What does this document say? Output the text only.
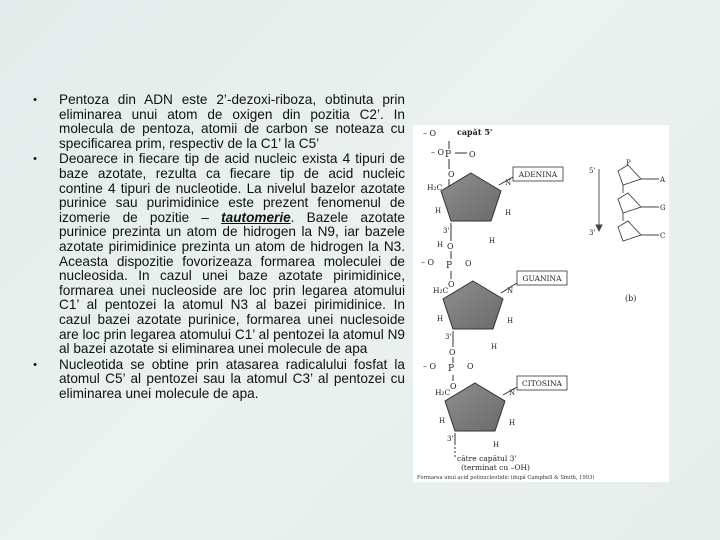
• Pentoza din ADN este 2’-dezoxi-riboza, obtinuta prin eliminarea unui atom de oxigen din pozitia C2’. In molecula de pentoza, atomii de carbon se noteaza cu specificarea prim, respectiv de la C1’ la C5’
• Deoarece in fiecare tip de acid nucleic exista 4 tipuri de baze azotate, rezulta ca fiecare tip de acid nucleic contine 4 tipuri de nucleotide. La nivelul bazelor azotate purinice sau purimidinice este prezent fenomenul de izomerie de pozitie – tautomerie. Bazele azotate purinice prezinta un atom de hidrogen la N9, iar bazele azotate pirimidinice prezinta un atom de hidrogen la N3. Aceasta dispozitie fovorizeaza formarea moleculei de nucleosida. In cazul unei baze azotate pirimidinice, formarea unei nucleoside are loc prin legarea atomului C1’ al pentozei la atomul N3 al bazei pirimidinice. In cazul bazei azotate purinice, formarea unei nuclesoide are loc prin legarea atomului C1’ al pentozei la atomul N9 al bazei azotate si eliminarea unei molecule de apa
• Nucleotida se obtine prin atasarea radicalului fosfat la atomul C5’ al pentozei sau la atomul C3’ al pentozei cu eliminarea unei molecule de apa.
– O
– O P
O
O
capăt 5'
H₂C
H	H
3'
H	H
N
ADENINA
O
– O P O
O
H₂C
H	H
3'
H
N
GUANINA
O
– O P O
O
H₂C
H	H
3'
H
N
CITOSINA
către capătul 3'
(terminat cu –OH)
Formarea unui acid polinucleotidic (după Campbell & Smith, 1993)
5'
3'
P
A
G
C
(b)
